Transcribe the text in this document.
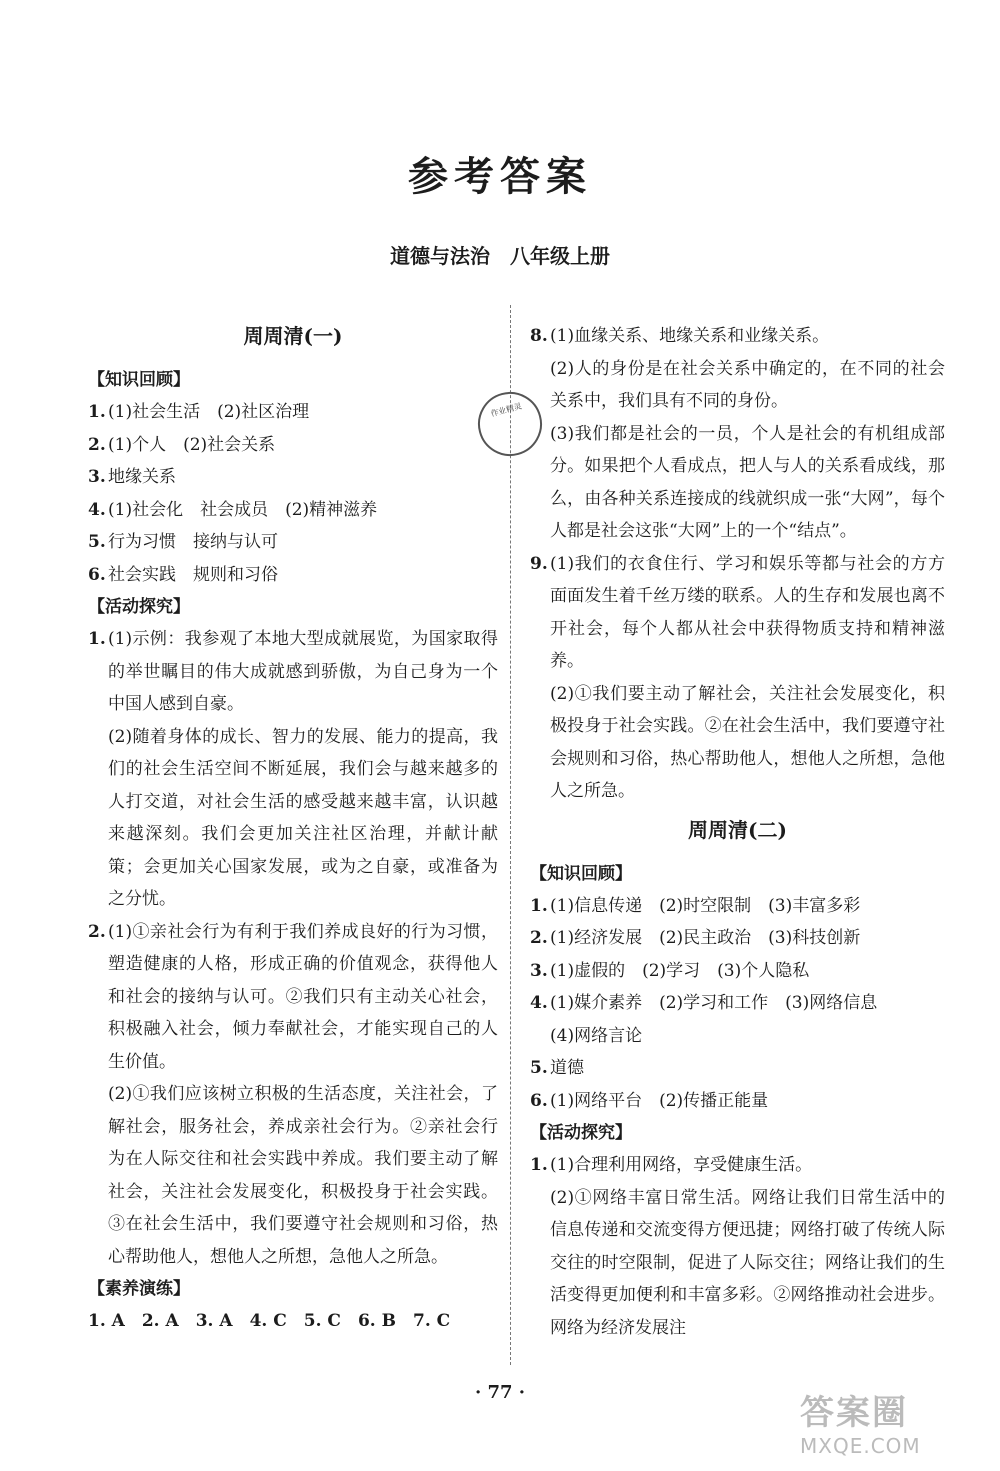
参考答案
道德与法治　八年级上册
周周清(一)
【知识回顾】
1. (1)社会生活　(2)社区治理
2. (1)个人　(2)社会关系
3. 地缘关系
4. (1)社会化　社会成员　(2)精神滋养
5. 行为习惯　接纳与认可
6. 社会实践　规则和习俗
【活动探究】
1. (1)示例：我参观了本地大型成就展览，为国家取得的举世瞩目的伟大成就感到骄傲，为自己身为一个中国人感到自豪。
(2)随着身体的成长、智力的发展、能力的提高，我们的社会生活空间不断延展，我们会与越来越多的人打交道，对社会生活的感受越来越丰富，认识越来越深刻。我们会更加关注社区治理，并献计献策；会更加关心国家发展，或为之自豪，或准备为之分忧。
2. (1)①亲社会行为有利于我们养成良好的行为习惯，塑造健康的人格，形成正确的价值观念，获得他人和社会的接纳与认可。②我们只有主动关心社会，积极融入社会，倾力奉献社会，才能实现自己的人生价值。
(2)①我们应该树立积极的生活态度，关注社会，了解社会，服务社会，养成亲社会行为。②亲社会行为在人际交往和社会实践中养成。我们要主动了解社会，关注社会发展变化，积极投身于社会实践。③在社会生活中，我们要遵守社会规则和习俗，热心帮助他人，想他人之所想，急他人之所急。
【素养演练】
1. A　2. A　3. A　4. C　5. C　6. B　7. C
8. (1)血缘关系、地缘关系和业缘关系。
(2)人的身份是在社会关系中确定的，在不同的社会关系中，我们具有不同的身份。
(3)我们都是社会的一员，个人是社会的有机组成部分。如果把个人看成点，把人与人的关系看成线，那么，由各种关系连接成的线就织成一张“大网”，每个人都是社会这张“大网”上的一个“结点”。
9. (1)我们的衣食住行、学习和娱乐等都与社会的方方面面发生着千丝万缕的联系。人的生存和发展也离不开社会，每个人都从社会中获得物质支持和精神滋养。
(2)①我们要主动了解社会，关注社会发展变化，积极投身于社会实践。②在社会生活中，我们要遵守社会规则和习俗，热心帮助他人，想他人之所想，急他人之所急。
周周清(二)
【知识回顾】
1. (1)信息传递　(2)时空限制　(3)丰富多彩
2. (1)经济发展　(2)民主政治　(3)科技创新
3. (1)虚假的　(2)学习　(3)个人隐私
4. (1)媒介素养　(2)学习和工作　(3)网络信息
(4)网络言论
5. 道德
6. (1)网络平台　(2)传播正能量
【活动探究】
1. (1)合理利用网络，享受健康生活。
(2)①网络丰富日常生活。网络让我们日常生活中的信息传递和交流变得方便迅捷；网络打破了传统人际交往的时空限制，促进了人际交往；网络让我们的生活变得更加便利和丰富多彩。②网络推动社会进步。网络为经济发展注
作业精灵
· 77 ·
答案圈
MXQE.COM
